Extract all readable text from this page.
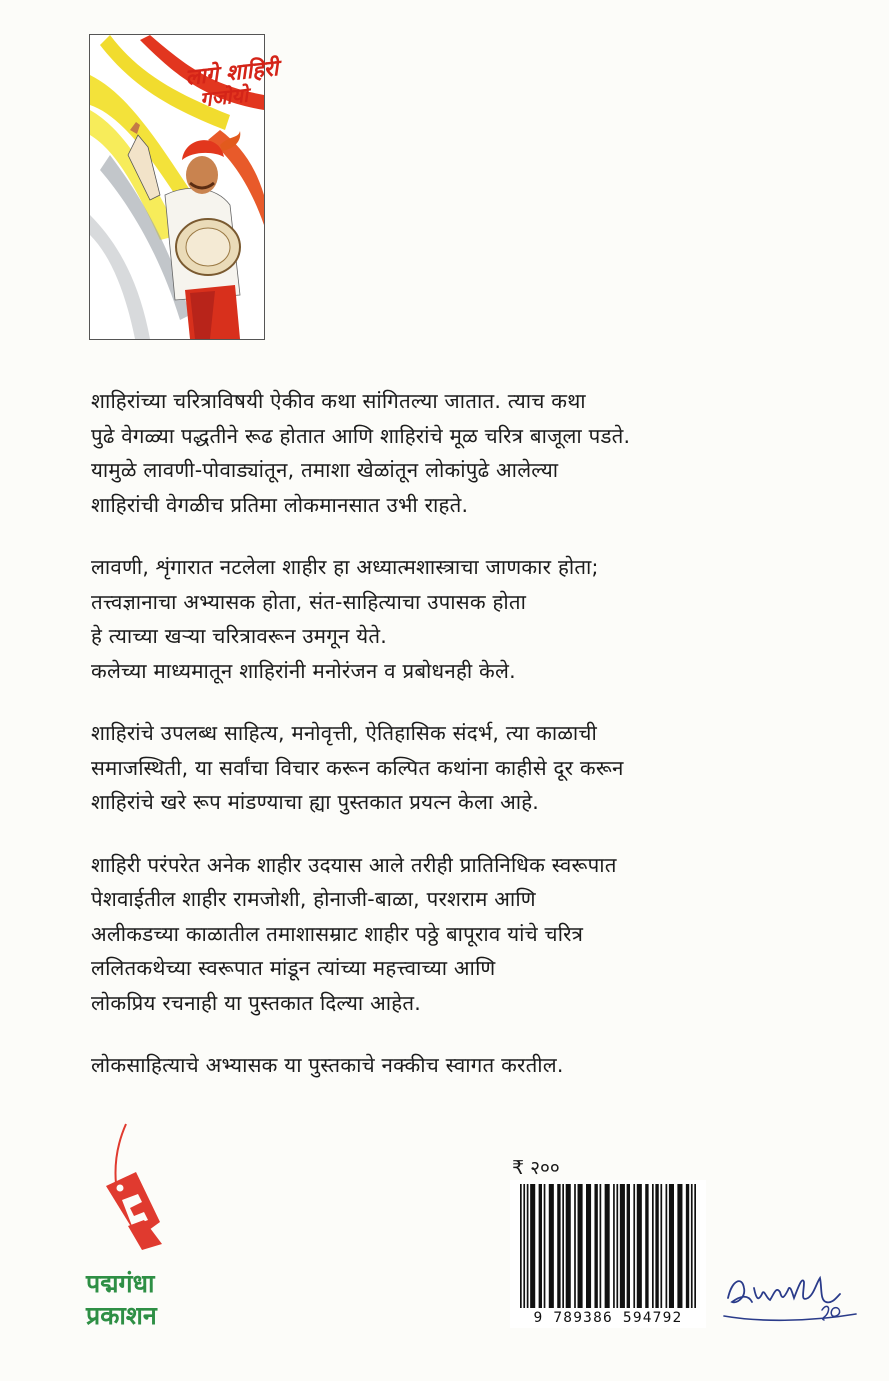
लागे शाहिरी
गजोयो
शाहिरांच्या चरित्राविषयी ऐकीव कथा सांगितल्या जातात. त्याच कथा
पुढे वेगळ्या पद्धतीने रूढ होतात आणि शाहिरांचे मूळ चरित्र बाजूला पडते.
यामुळे लावणी-पोवाड्यांतून, तमाशा खेळांतून लोकांपुढे आलेल्या
शाहिरांची वेगळीच प्रतिमा लोकमानसात उभी राहते.
लावणी, शृंगारात नटलेला शाहीर हा अध्यात्मशास्त्राचा जाणकार होता;
तत्त्वज्ञानाचा अभ्यासक होता, संत-साहित्याचा उपासक होता
हे त्याच्या खऱ्या चरित्रावरून उमगून येते.
कलेच्या माध्यमातून शाहिरांनी मनोरंजन व प्रबोधनही केले.
शाहिरांचे उपलब्ध साहित्य, मनोवृत्ती, ऐतिहासिक संदर्भ, त्या काळाची
समाजस्थिती, या सर्वांचा विचार करून कल्पित कथांना काहीसे दूर करून
शाहिरांचे खरे रूप मांडण्याचा ह्या पुस्तकात प्रयत्न केला आहे.
शाहिरी परंपरेत अनेक शाहीर उदयास आले तरीही प्रातिनिधिक स्वरूपात
पेशवाईतील शाहीर रामजोशी, होनाजी-बाळा, परशराम आणि
अलीकडच्या काळातील तमाशासम्राट शाहीर पठ्ठे बापूराव यांचे चरित्र
ललितकथेच्या स्वरूपात मांडून त्यांच्या महत्त्वाच्या आणि
लोकप्रिय रचनाही या पुस्तकात दिल्या आहेत.
लोकसाहित्याचे अभ्यासक या पुस्तकाचे नक्कीच स्वागत करतील.
पद्मगंधा
प्रकाशन
₹ २००
9 789386 594792
